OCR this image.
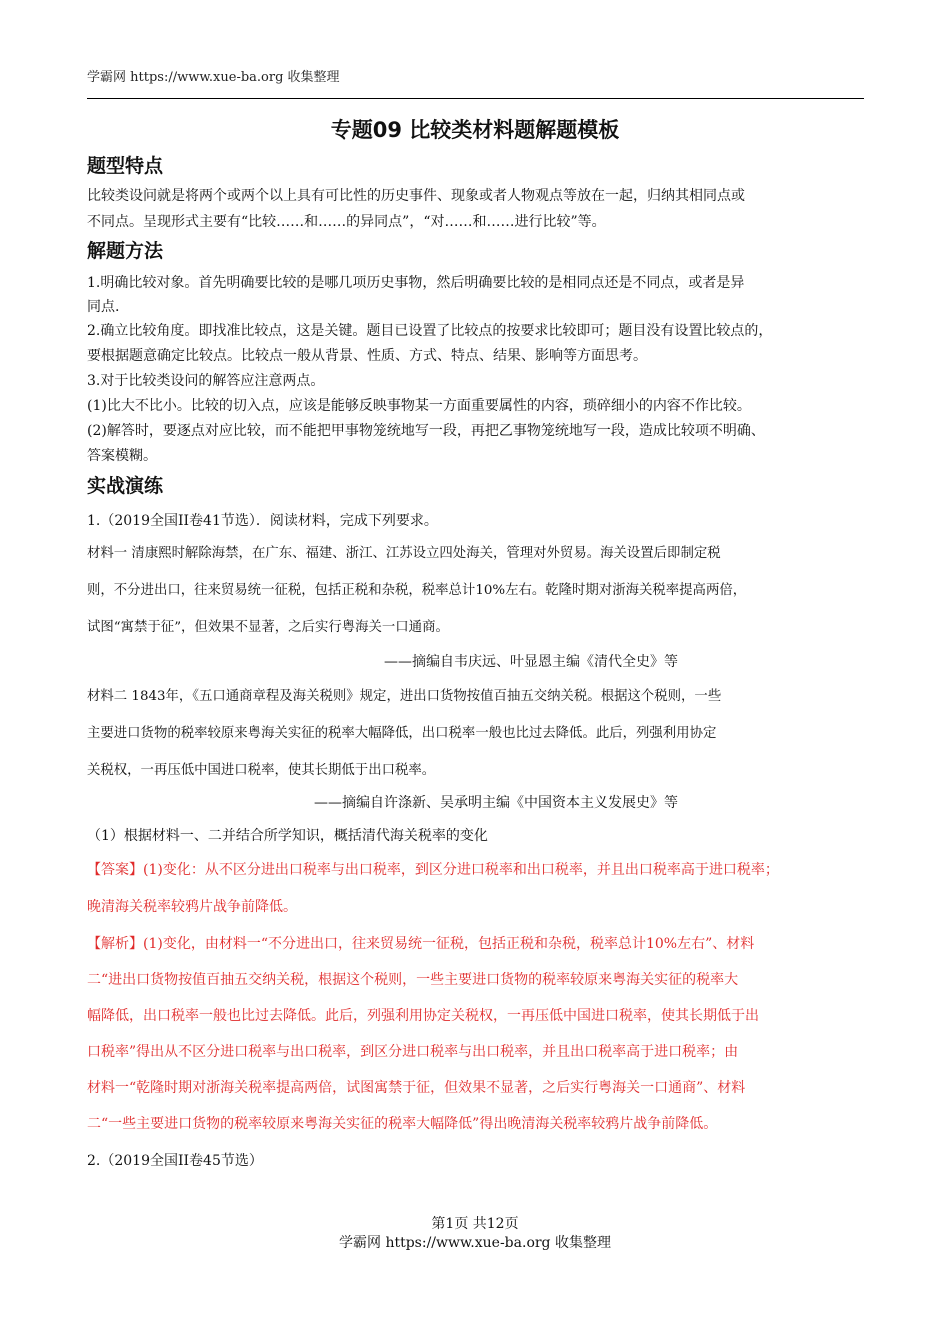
学霸网 https://www.xue-ba.org 收集整理
专题09 比较类材料题解题模板
题型特点
比较类设问就是将两个或两个以上具有可比性的历史事件、现象或者人物观点等放在一起，归纳其相同点或
不同点。呈现形式主要有“比较……和……的异同点”，“对……和……进行比较”等。
解题方法
1.明确比较对象。首先明确要比较的是哪几项历史事物，然后明确要比较的是相同点还是不同点，或者是异
同点.
2.确立比较角度。即找准比较点，这是关键。题目已设置了比较点的按要求比较即可；题目没有设置比较点的，
要根据题意确定比较点。比较点一般从背景、性质、方式、特点、结果、影响等方面思考。
3.对于比较类设问的解答应注意两点。
(1)比大不比小。比较的切入点，应该是能够反映事物某一方面重要属性的内容，琐碎细小的内容不作比较。
(2)解答时，要逐点对应比较，而不能把甲事物笼统地写一段，再把乙事物笼统地写一段，造成比较项不明确、
答案模糊。
实战演练
1.（2019全国II卷41节选）．阅读材料，完成下列要求。
材料一 清康熙时解除海禁，在广东、福建、浙江、江苏设立四处海关，管理对外贸易。海关设置后即制定税
则，不分进出口，往来贸易统一征税，包括正税和杂税，税率总计10%左右。乾隆时期对浙海关税率提高两倍，
试图“寓禁于征”，但效果不显著，之后实行粤海关一口通商。
——摘编自韦庆远、叶显恩主编《清代全史》等
材料二 1843年，《五口通商章程及海关税则》规定，进出口货物按值百抽五交纳关税。根据这个税则，一些
主要进口货物的税率较原来粤海关实征的税率大幅降低，出口税率一般也比过去降低。此后，列强利用协定
关税权，一再压低中国进口税率，使其长期低于出口税率。
——摘编自许涤新、吴承明主编《中国资本主义发展史》等
（1）根据材料一、二并结合所学知识，概括清代海关税率的变化
【答案】(1)变化：从不区分进出口税率与出口税率，到区分进口税率和出口税率，并且出口税率高于进口税率；
晚清海关税率较鸦片战争前降低。
【解析】(1)变化，由材料一“不分进出口，往来贸易统一征税，包括正税和杂税，税率总计10%左右”、材料
二“进出口货物按值百抽五交纳关税，根据这个税则，一些主要进口货物的税率较原来粤海关实征的税率大
幅降低，出口税率一般也比过去降低。此后，列强利用协定关税权，一再压低中国进口税率，使其长期低于出
口税率”得出从不区分进口税率与出口税率，到区分进口税率与出口税率，并且出口税率高于进口税率；由
材料一“乾隆时期对浙海关税率提高两倍，试图寓禁于征，但效果不显著，之后实行粤海关一口通商”、材料
二“一些主要进口货物的税率较原来粤海关实征的税率大幅降低”得出晚清海关税率较鸦片战争前降低。
2.（2019全国II卷45节选）
第1页 共12页
学霸网 https://www.xue-ba.org 收集整理
